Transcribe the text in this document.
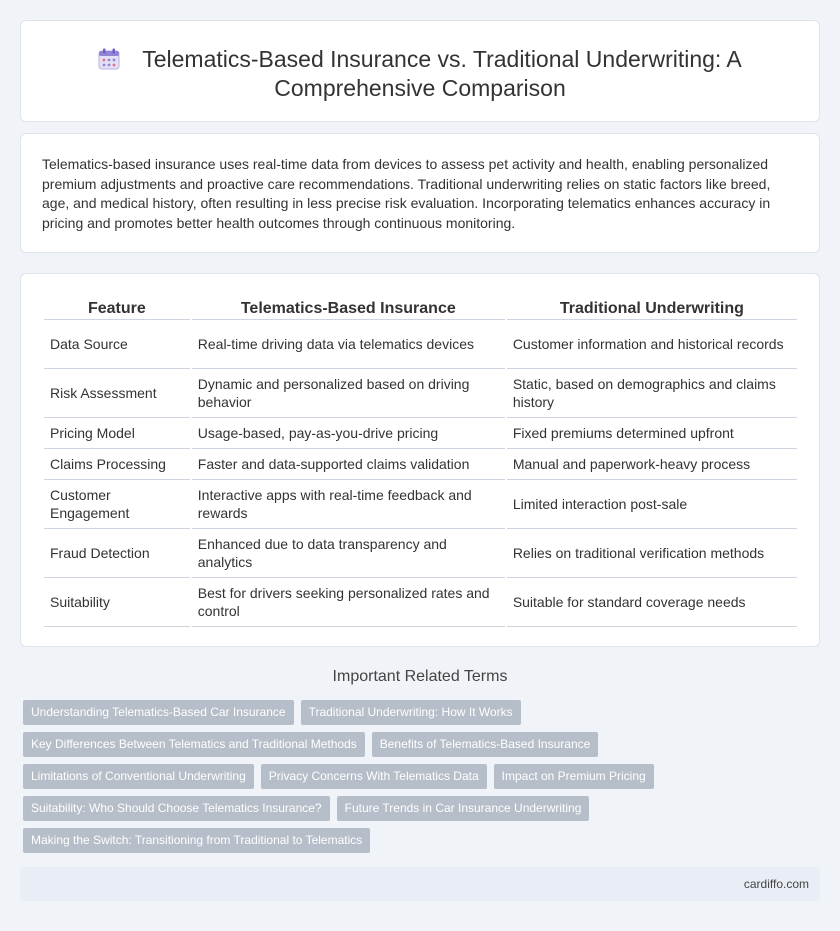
Telematics-Based Insurance vs. Traditional Underwriting: A Comprehensive Comparison

Telematics-based insurance uses real-time data from devices to assess pet activity and health, enabling personalized premium adjustments and proactive care recommendations. Traditional underwriting relies on static factors like breed, age, and medical history, often resulting in less precise risk evaluation. Incorporating telematics enhances accuracy in pricing and promotes better health outcomes through continuous monitoring.

Feature	Telematics-Based Insurance	Traditional Underwriting
Data Source	Real-time driving data via telematics devices	Customer information and historical records
Risk Assessment	Dynamic and personalized based on driving behavior	Static, based on demographics and claims history
Pricing Model	Usage-based, pay-as-you-drive pricing	Fixed premiums determined upfront
Claims Processing	Faster and data-supported claims validation	Manual and paperwork-heavy process
Customer Engagement	Interactive apps with real-time feedback and rewards	Limited interaction post-sale
Fraud Detection	Enhanced due to data transparency and analytics	Relies on traditional verification methods
Suitability	Best for drivers seeking personalized rates and control	Suitable for standard coverage needs
Important Related Terms
Understanding Telematics-Based Car Insurance	Traditional Underwriting: How It Works
Key Differences Between Telematics and Traditional Methods	Benefits of Telematics-Based Insurance
Limitations of Conventional Underwriting	Privacy Concerns With Telematics Data	Impact on Premium Pricing
Suitability: Who Should Choose Telematics Insurance?	Future Trends in Car Insurance Underwriting
Making the Switch: Transitioning from Traditional to Telematics
cardiffo.com
